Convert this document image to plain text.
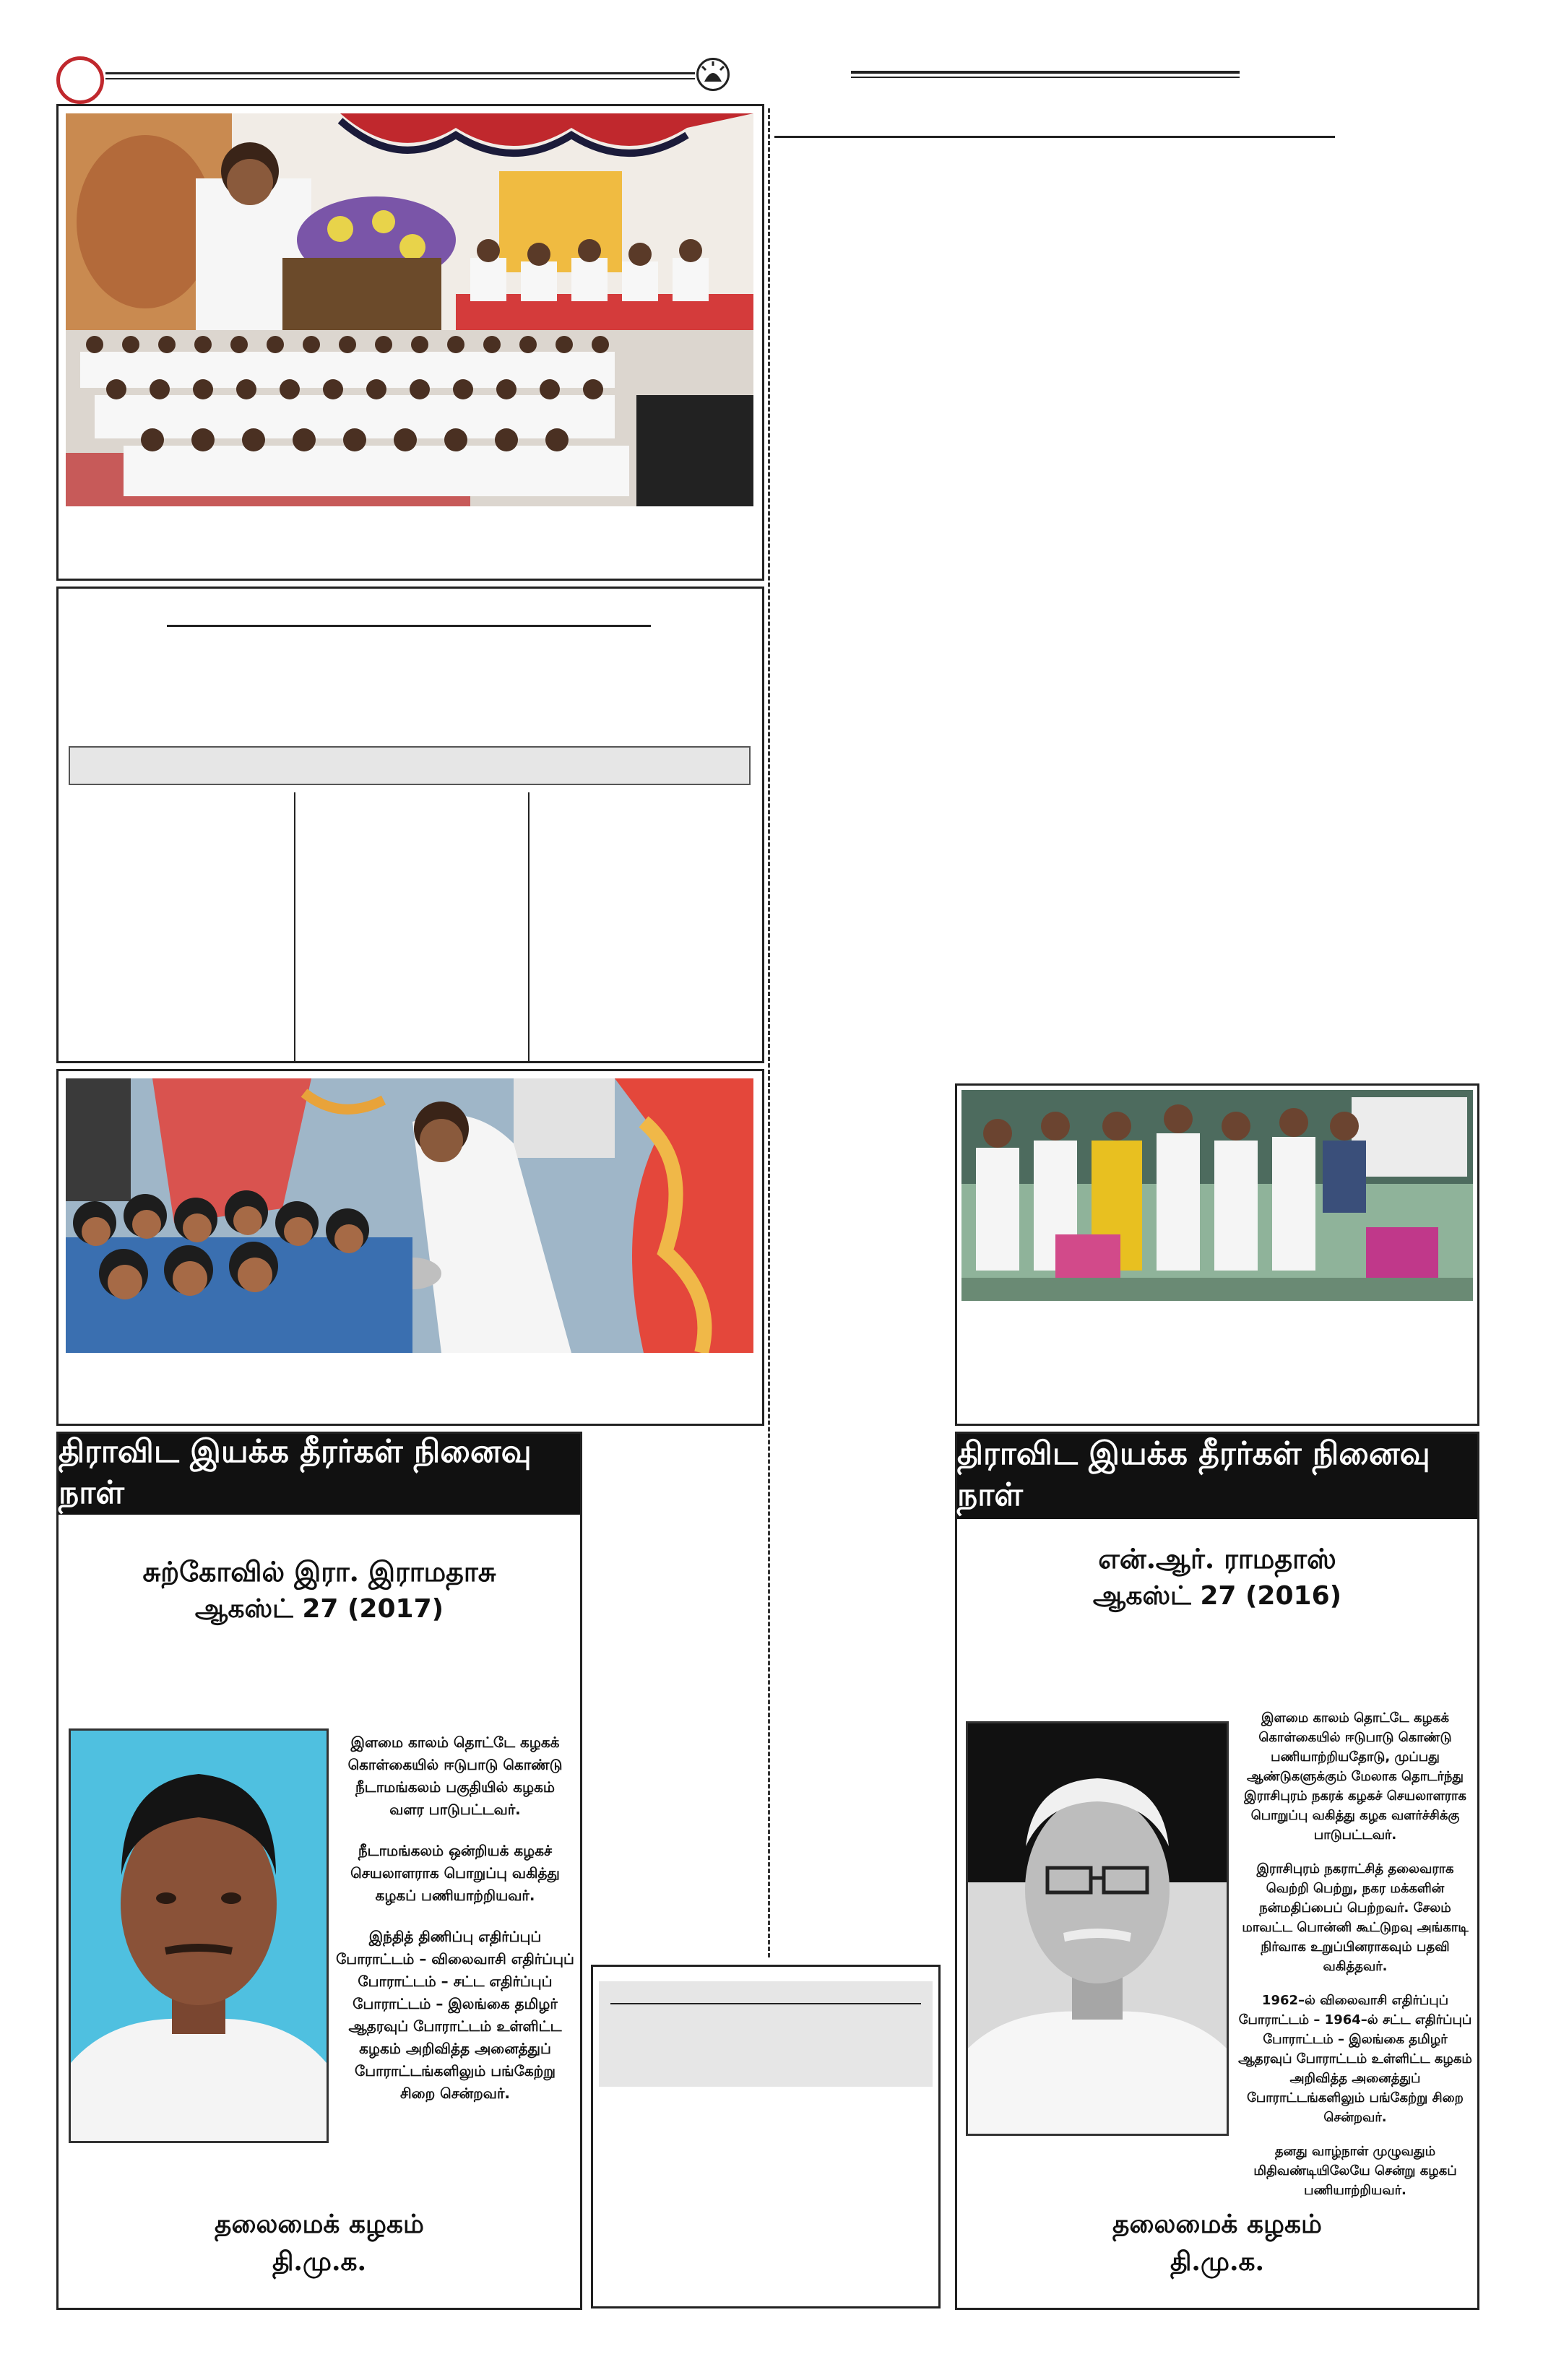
திராவிட இயக்க தீரர்கள் நினைவு நாள்
சுற்கோவில் இரா. இராமதாசு
ஆகஸ்ட் 27 (2017)

இளமை காலம் தொட்டே கழகக் கொள்கையில் ஈடுபாடு கொண்டு நீடாமங்கலம் பகுதியில் கழகம் வளர பாடுபட்டவர்.

நீடாமங்கலம் ஒன்றியக் கழகச் செயலாளராக பொறுப்பு வகித்து கழகப் பணியாற்றியவர்.

இந்தித் திணிப்பு எதிர்ப்புப் போராட்டம் – விலைவாசி எதிர்ப்புப் போராட்டம் – சட்ட எதிர்ப்புப் போராட்டம் – இலங்கை தமிழர் ஆதரவுப் போராட்டம் உள்ளிட்ட கழகம் அறிவித்த அனைத்துப் போராட்டங்களிலும் பங்கேற்று சிறை சென்றவர்.

தலைமைக் கழகம்
தி.மு.க.
திராவிட இயக்க தீரர்கள் நினைவு நாள்
என்.ஆர். ராமதாஸ்
ஆகஸ்ட் 27 (2016)

இளமை காலம் தொட்டே கழகக் கொள்கையில் ஈடுபாடு கொண்டு பணியாற்றியதோடு, முப்பது ஆண்டுகளுக்கும் மேலாக தொடர்ந்து இராசிபுரம் நகரக் கழகச் செயலாளராக பொறுப்பு வகித்து கழக வளர்ச்சிக்கு பாடுபட்டவர்.

இராசிபுரம் நகராட்சித் தலைவராக வெற்றி பெற்று, நகர மக்களின் நன்மதிப்பைப் பெற்றவர். சேலம் மாவட்ட பொன்னி கூட்டுறவு அங்காடி நிர்வாக உறுப்பினராகவும் பதவி வகித்தவர்.

1962–ல் விலைவாசி எதிர்ப்புப் போராட்டம் – 1964–ல் சட்ட எதிர்ப்புப் போராட்டம் – இலங்கை தமிழர் ஆதரவுப் போராட்டம் உள்ளிட்ட கழகம் அறிவித்த அனைத்துப் போராட்டங்களிலும் பங்கேற்று சிறை சென்றவர்.

தனது வாழ்நாள் முழுவதும் மிதிவண்டியிலேயே சென்று கழகப் பணியாற்றியவர்.

தலைமைக் கழகம்
தி.மு.க.
